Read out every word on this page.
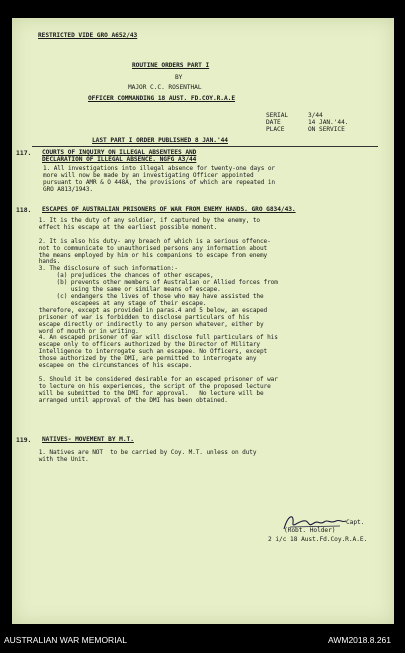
RESTRICTED VIDE GRO A652/43
ROUTINE ORDERS PART I
BY
MAJOR C.C. ROSENTHAL
OFFICER COMMANDING 18 AUST. FD.COY.R.A.E
SERIAL	3/44
DATE	14 JAN.'44.
PLACE	ON SERVICE
LAST PART I ORDER PUBLISHED 8 JAN.'44
117. COURTS OF INQUIRY ON ILLEGAL ABSENTEES AND
DECLARATION OF ILLEGAL ABSENCE. NGFG A3/44
1. All investigations into illegal absence for twenty-one days or
more will now be made by an investigating Officer appointed
pursuant to AMR & O 448A, the provisions of which are repeated in
GRO A813/1943.
118. ESCAPES OF AUSTRALIAN PRISONERS OF WAR FROM ENEMY HANDS. GRO G834/43.
1. It is the duty of any soldier, if captured by the enemy, to
effect his escape at the earliest possible moment.

2. It is also his duty- any breach of which is a serious offence-
not to communicate to unauthorised persons any information about
the means employed by him or his companions to escape from enemy
hands.
3. The disclosure of such information:-
(a) prejudices the chances of other escapes,
(b) prevents other members of Australian or Allied forces from
using the same or similar means of escape.
(c) endangers the lives of those who may have assisted the
escapees at any stage of their escape.
therefore, except as provided in paras.4 and 5 below, an escaped
prisoner of war is forbidden to disclose particulars of his
escape directly or indirectly to any person whatever, either by
word of mouth or in writing.
4. An escaped prisoner of war will disclose full particulars of his
escape only to officers authorized by the Director of Military
Intelligence to interrogate such an escapee. No Officers, except
those authorized by the DMI, are permitted to interrogate any
escapee on the circumstances of his escape.

5. Should it be considered desirable for an escaped prisoner of war
to lecture on his experiences, the script of the proposed lecture
will be submitted to the DMI for approval.   No lecture will be
arranged until approval of the DMI has been obtained.
119. NATIVES- MOVEMENT BY M.T.
1. Natives are NOT  to be carried by Coy. M.T. unless on duty
with the Unit.
Capt.
(Robt. Holder)
2 i/c 18 Aust.Fd.Coy.R.A.E.
AUSTRALIAN WAR MEMORIAL	AWM2018.8.261
